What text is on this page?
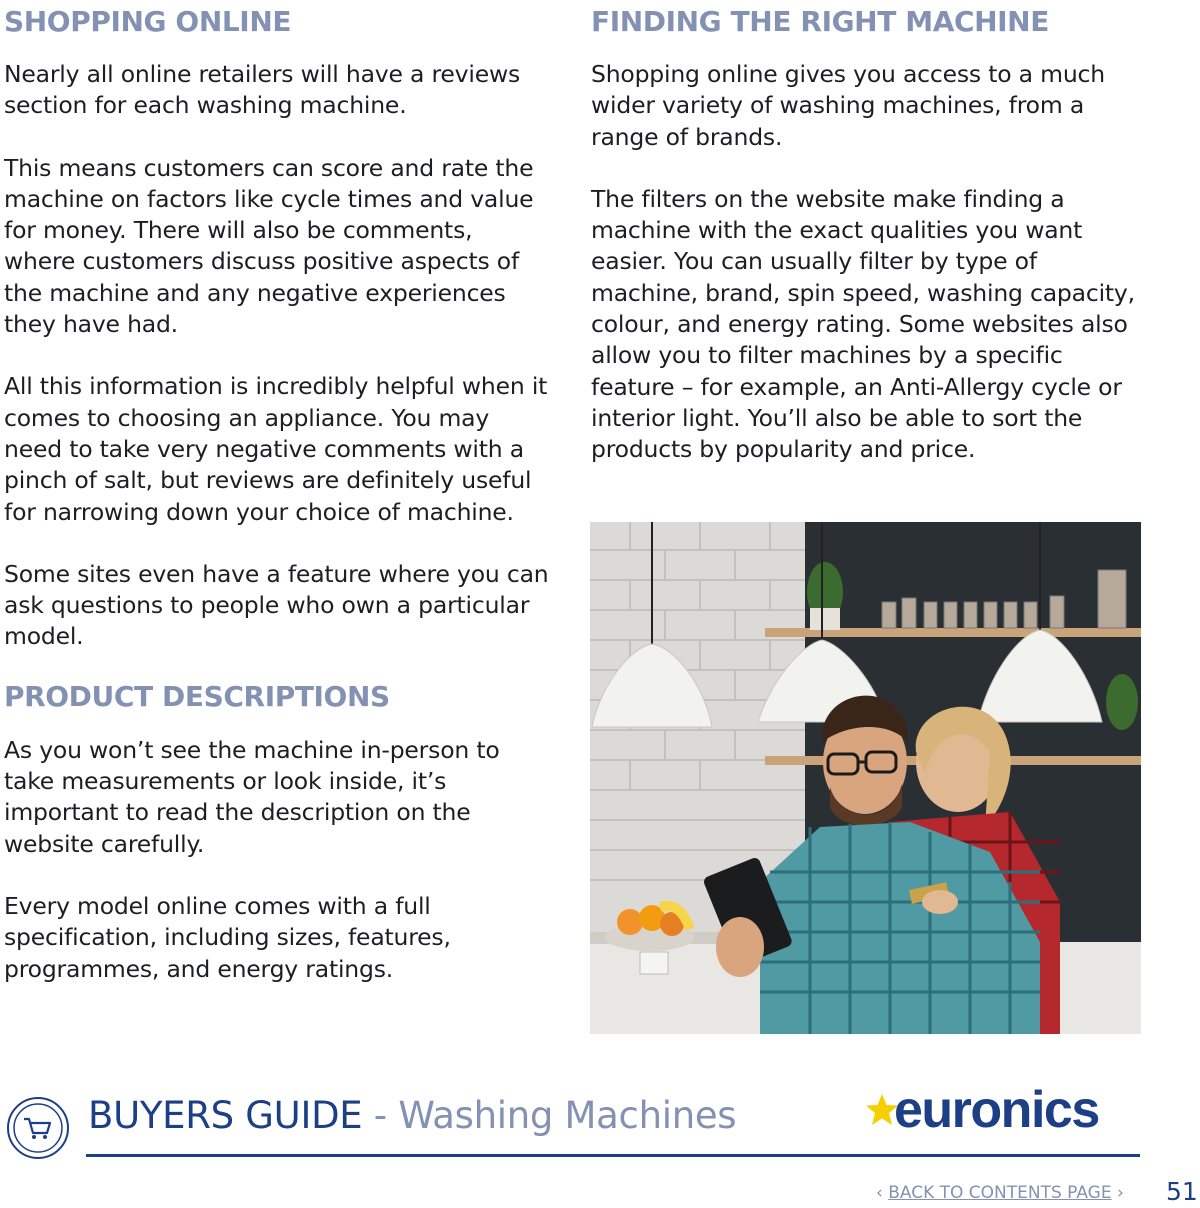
SHOPPING ONLINE

Nearly all online retailers will have a reviews section for each washing machine.

This means customers can score and rate the machine on factors like cycle times and value for money. There will also be comments, where customers discuss positive aspects of the machine and any negative experiences they have had.

All this information is incredibly helpful when it comes to choosing an appliance. You may need to take very negative comments with a pinch of salt, but reviews are definitely useful for narrowing down your choice of machine.

Some sites even have a feature where you can ask questions to people who own a particular model.

PRODUCT DESCRIPTIONS

As you won’t see the machine in-person to take measurements or look inside, it’s important to read the description on the website carefully.

Every model online comes with a full specification, including sizes, features, programmes, and energy ratings.

FINDING THE RIGHT MACHINE

Shopping online gives you access to a much wider variety of washing machines, from a range of brands.

The filters on the website make finding a machine with the exact qualities you want easier. You can usually filter by type of machine, brand, spin speed, washing capacity, colour, and energy rating. Some websites also allow you to filter machines by a specific feature – for example, an Anti-Allergy cycle or interior light. You’ll also be able to sort the products by popularity and price.

BUYERS GUIDE - Washing Machines	euronics
‹ BACK TO CONTENTS PAGE › 51
